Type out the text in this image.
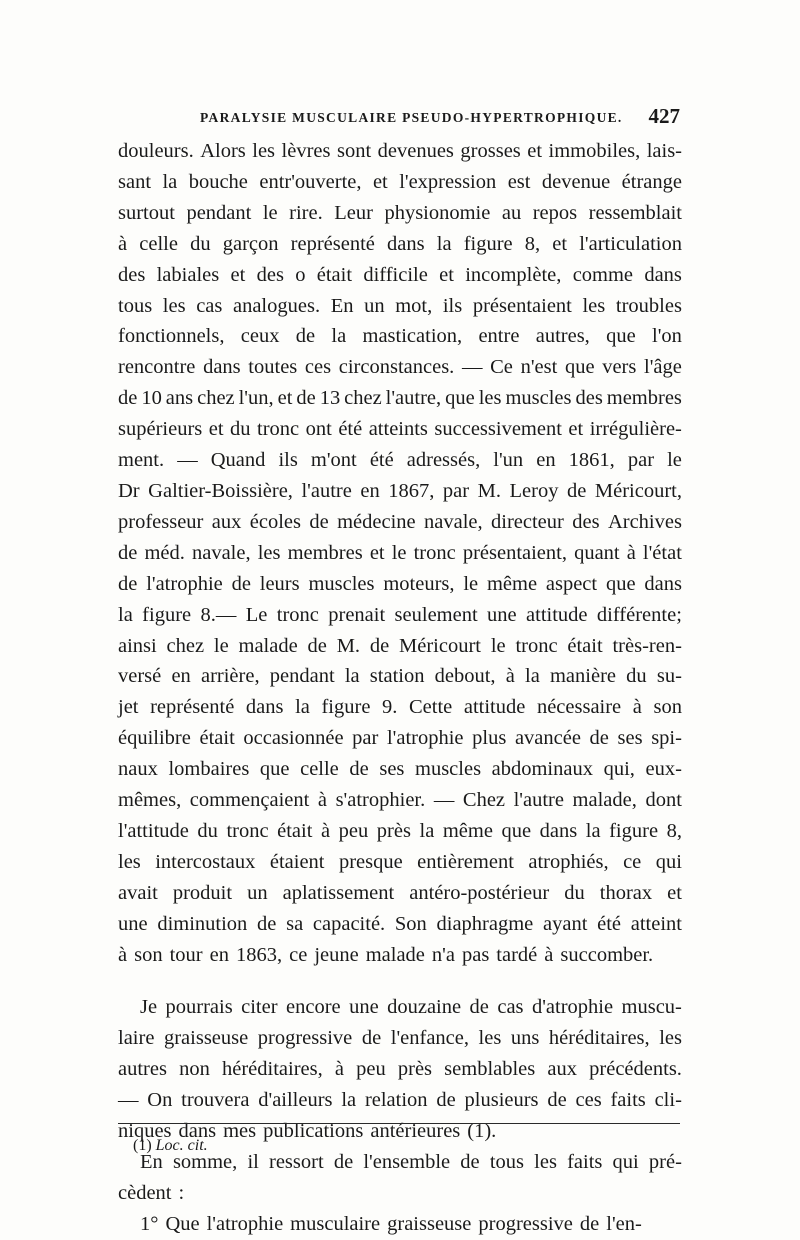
PARALYSIE MUSCULAIRE PSEUDO-HYPERTROPHIQUE. 427
douleurs. Alors les lèvres sont devenues grosses et immobiles, lais-
sant la bouche entr'ouverte, et l'expression est devenue étrange
surtout pendant le rire. Leur physionomie au repos ressemblait
à celle du garçon représenté dans la figure 8, et l'articulation
des labiales et des o était difficile et incomplète, comme dans
tous les cas analogues. En un mot, ils présentaient les troubles
fonctionnels, ceux de la mastication, entre autres, que l'on
rencontre dans toutes ces circonstances. — Ce n'est que vers l'âge
de 10 ans chez l'un, et de 13 chez l'autre, que les muscles des membres
supérieurs et du tronc ont été atteints successivement et irrégulière-
ment. — Quand ils m'ont été adressés, l'un en 1861, par le
Dr Galtier-Boissière, l'autre en 1867, par M. Leroy de Méricourt,
professeur aux écoles de médecine navale, directeur des Archives
de méd. navale, les membres et le tronc présentaient, quant à l'état
de l'atrophie de leurs muscles moteurs, le même aspect que dans
la figure 8.— Le tronc prenait seulement une attitude différente;
ainsi chez le malade de M. de Méricourt le tronc était très-ren-
versé en arrière, pendant la station debout, à la manière du su-
jet représenté dans la figure 9. Cette attitude nécessaire à son
équilibre était occasionnée par l'atrophie plus avancée de ses spi-
naux lombaires que celle de ses muscles abdominaux qui, eux-
mêmes, commençaient à s'atrophier. — Chez l'autre malade, dont
l'attitude du tronc était à peu près la même que dans la figure 8,
les intercostaux étaient presque entièrement atrophiés, ce qui
avait produit un aplatissement antéro-postérieur du thorax et
une diminution de sa capacité. Son diaphragme ayant été atteint
à son tour en 1863, ce jeune malade n'a pas tardé à succomber.
Je pourrais citer encore une douzaine de cas d'atrophie muscu-
laire graisseuse progressive de l'enfance, les uns héréditaires, les
autres non héréditaires, à peu près semblables aux précédents.
— On trouvera d'ailleurs la relation de plusieurs de ces faits cli-
niques dans mes publications antérieures (1).
En somme, il ressort de l'ensemble de tous les faits qui pré-
cèdent :
1° Que l'atrophie musculaire graisseuse progressive de l'en-
(1) Loc. cit.
